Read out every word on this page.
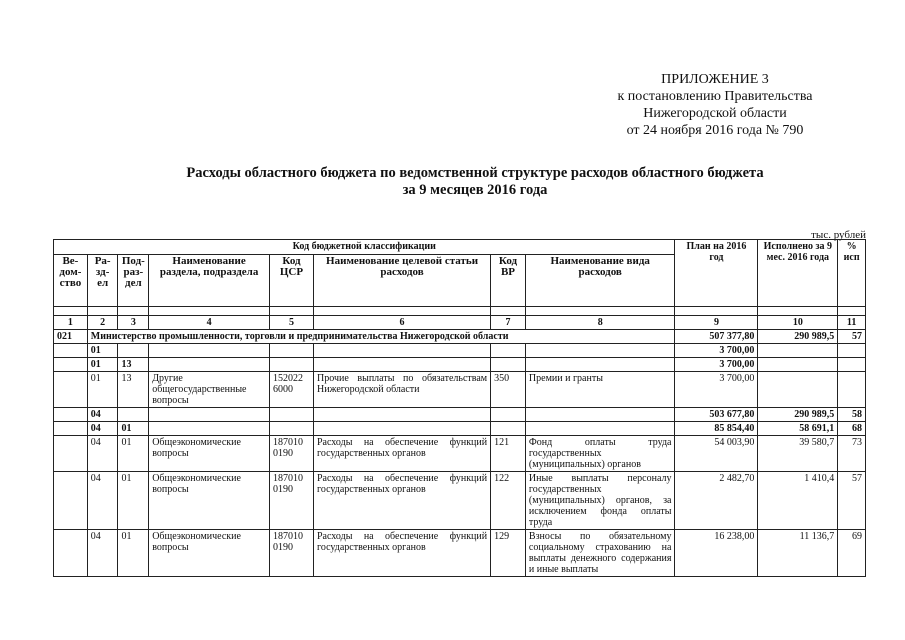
ПРИЛОЖЕНИЕ 3
к постановлению Правительства
Нижегородской области
от 24 ноября 2016 года № 790
Расходы областного бюджета по ведомственной структуре расходов областного бюджета
за 9 месяцев 2016 года
тыс. рублей
Код бюджетной классификации								План на 2016 год	Исполнено за 9 мес. 2016 года	% исп
Ве-дом-ство	Ра-зд-ел	Под-раз-дел	Наименование раздела, подраздела	Код ЦСР	Наименование целевой статьи расходов	Код ВР	Наименование вида расходов			

1	2	3	4	5	6	7	8	9	10	11
021	Министерство промышленности, торговли и предпринимательства Нижегородской области							507 377,80	290 989,5	57
	01							3 700,00		
	01	13						3 700,00		
	01	13	Другие общегосударственные вопросы	152022 6000	Прочие выплаты по обязательствам Нижегородской области	350	Премии и гранты	3 700,00		
	04							503 677,80	290 989,5	58
	04	01						85 854,40	58 691,1	68
	04	01	Общеэкономические вопросы	187010 0190	Расходы на обеспечение функций государственных органов	121	Фонд оплаты труда государственных (муниципальных) органов	54 003,90	39 580,7	73
	04	01	Общеэкономические вопросы	187010 0190	Расходы на обеспечение функций государственных органов	122	Иные выплаты персоналу государственных (муниципальных) органов, за исключением фонда оплаты труда	2 482,70	1 410,4	57
	04	01	Общеэкономические вопросы	187010 0190	Расходы на обеспечение функций государственных органов	129	Взносы по обязательному социальному страхованию на выплаты денежного содержания и иные выплаты	16 238,00	11 136,7	69
